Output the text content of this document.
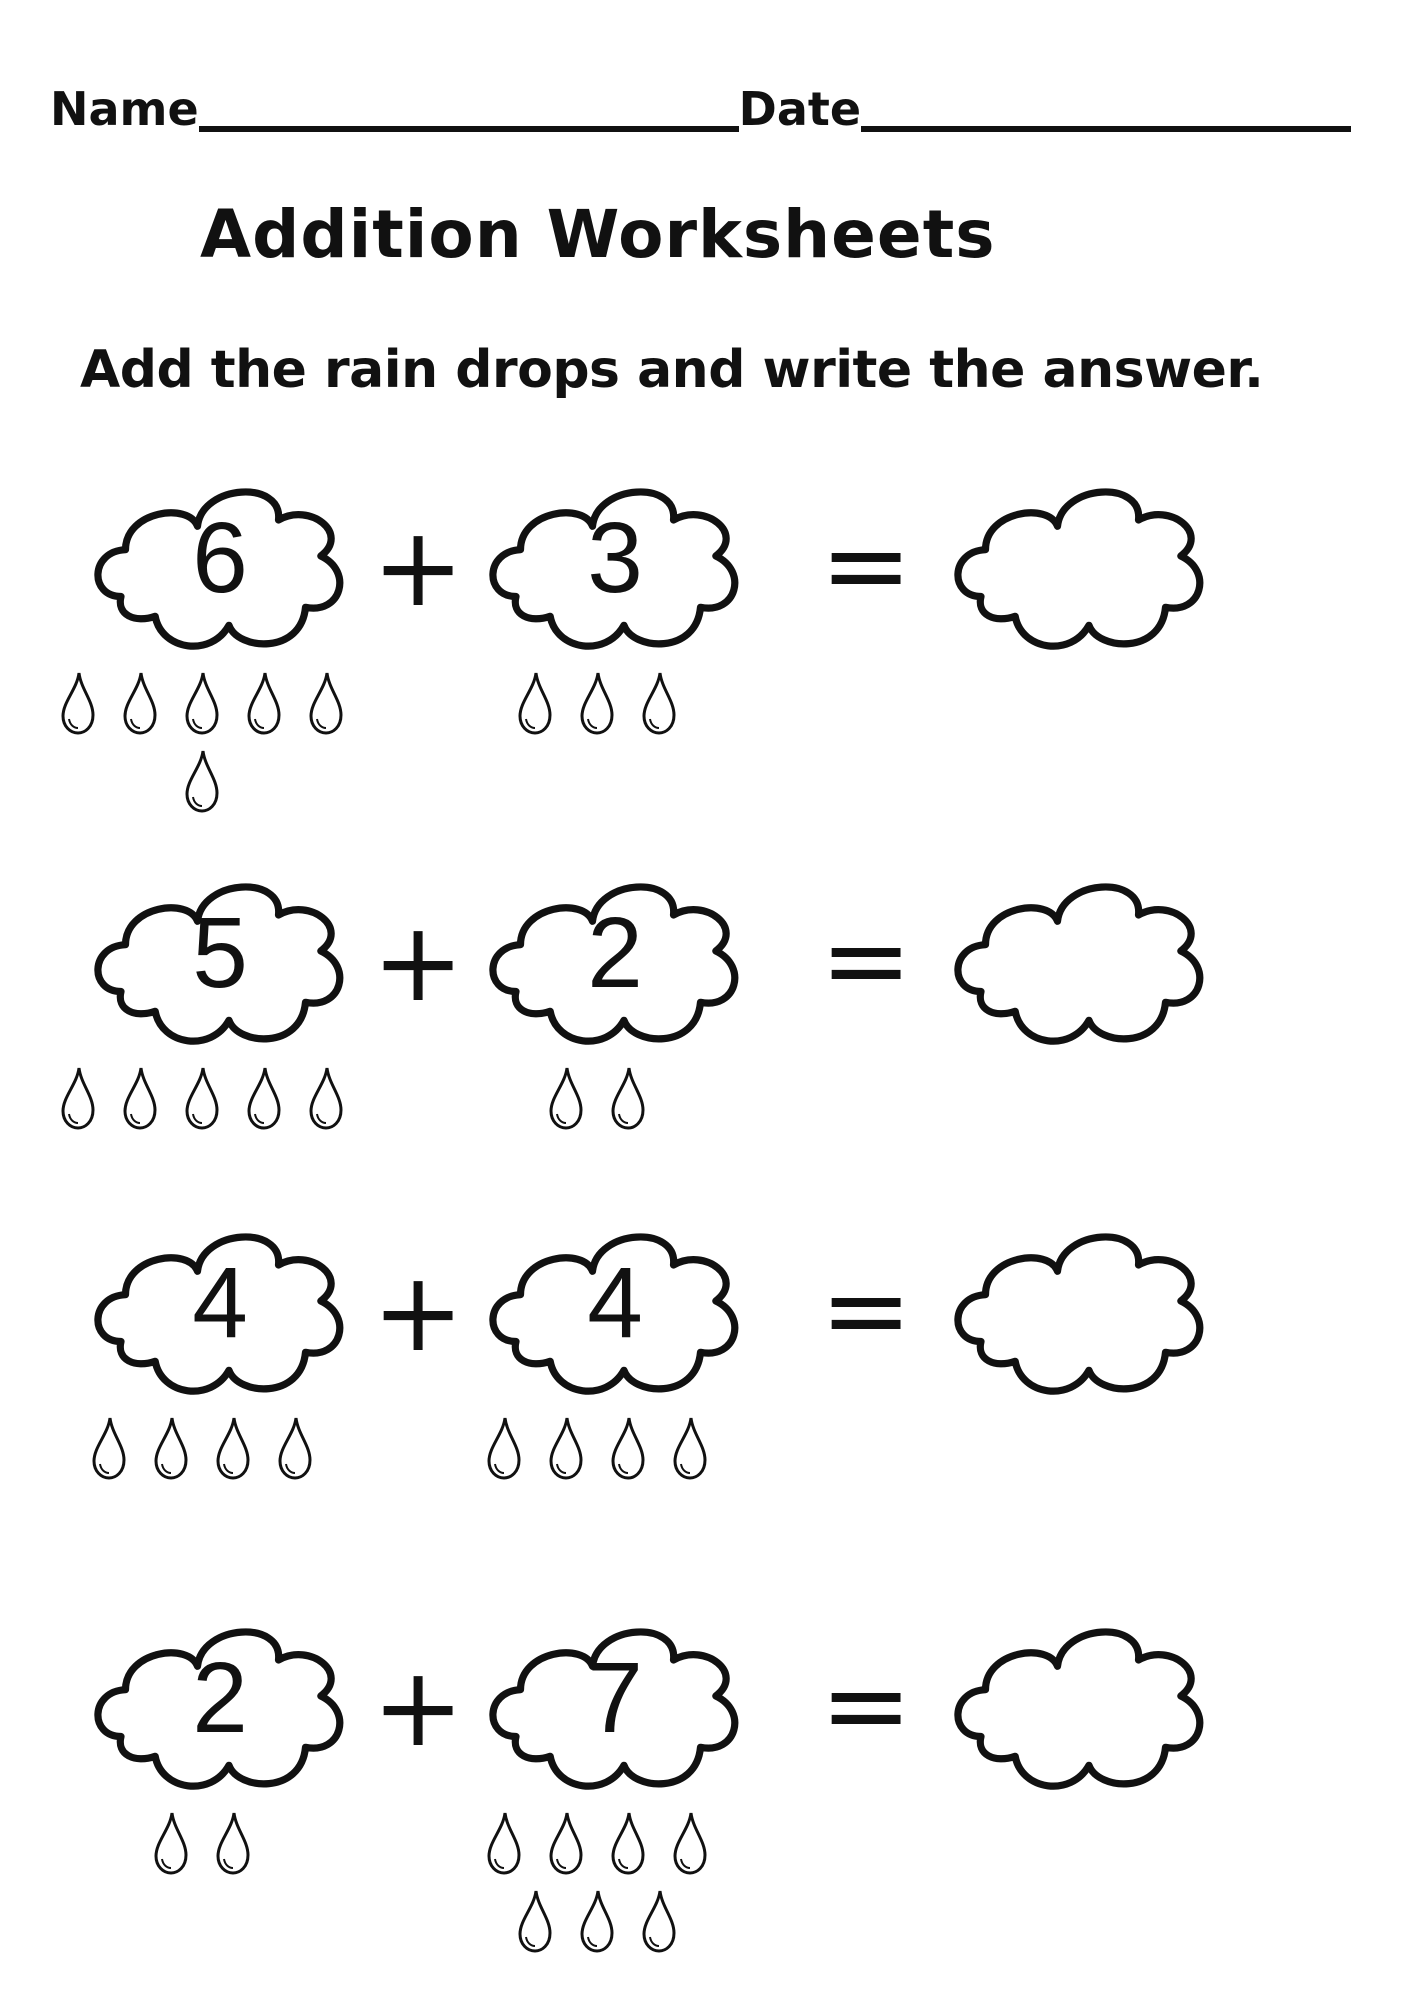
Name	Date
Addition Worksheets

Add the rain drops and write the answer.

6	3
+	=
5	2
+	=
4	4
+	=
2	7
+	=
